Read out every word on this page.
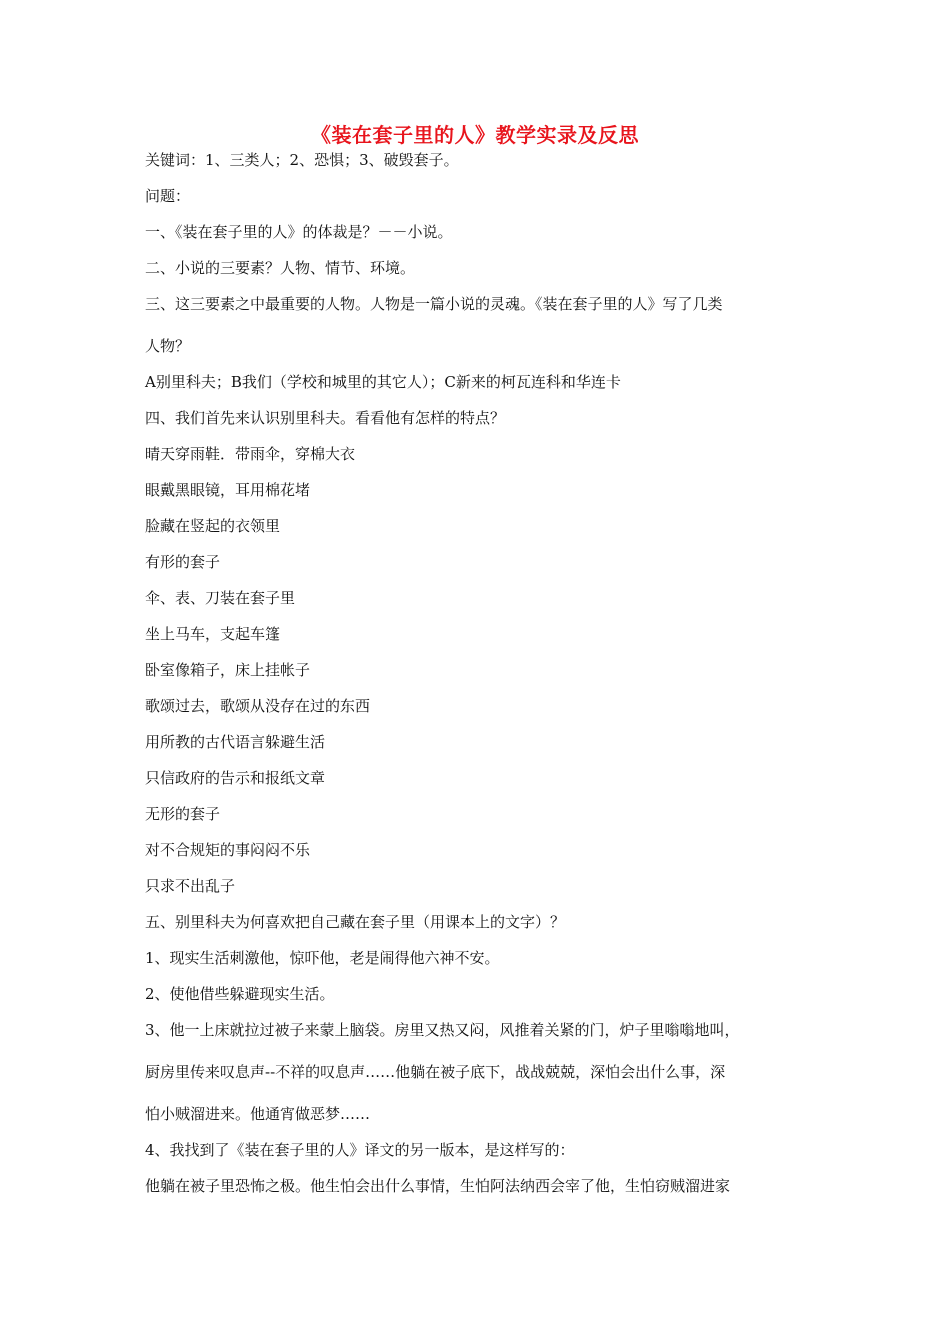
《装在套子里的人》教学实录及反思

关键词：1、三类人；2、恐惧；3、破毁套子。

问题：

一、《装在套子里的人》的体裁是？－－小说。

二、小说的三要素？人物、情节、环境。

三、这三要素之中最重要的人物。人物是一篇小说的灵魂。《装在套子里的人》写了几类

人物？

A别里科夫；B我们（学校和城里的其它人）；C新来的柯瓦连科和华连卡

四、我们首先来认识别里科夫。看看他有怎样的特点？

晴天穿雨鞋．带雨伞，穿棉大衣

眼戴黑眼镜，耳用棉花堵

脸藏在竖起的衣领里

有形的套子

伞、表、刀装在套子里

坐上马车，支起车篷

卧室像箱子，床上挂帐子

歌颂过去，歌颂从没存在过的东西

用所教的古代语言躲避生活

只信政府的告示和报纸文章

无形的套子

对不合规矩的事闷闷不乐

只求不出乱子

五、别里科夫为何喜欢把自己藏在套子里（用课本上的文字）？

1、现实生活刺激他，惊吓他，老是闹得他六神不安。

2、使他借些躲避现实生活。

3、他一上床就拉过被子来蒙上脑袋。房里又热又闷，风推着关紧的门，炉子里嗡嗡地叫，

厨房里传来叹息声--不祥的叹息声……他躺在被子底下，战战兢兢，深怕会出什么事，深

怕小贼溜进来。他通宵做恶梦……

4、我找到了《装在套子里的人》译文的另一版本，是这样写的：

他躺在被子里恐怖之极。他生怕会出什么事情，生怕阿法纳西会宰了他，生怕窃贼溜进家
